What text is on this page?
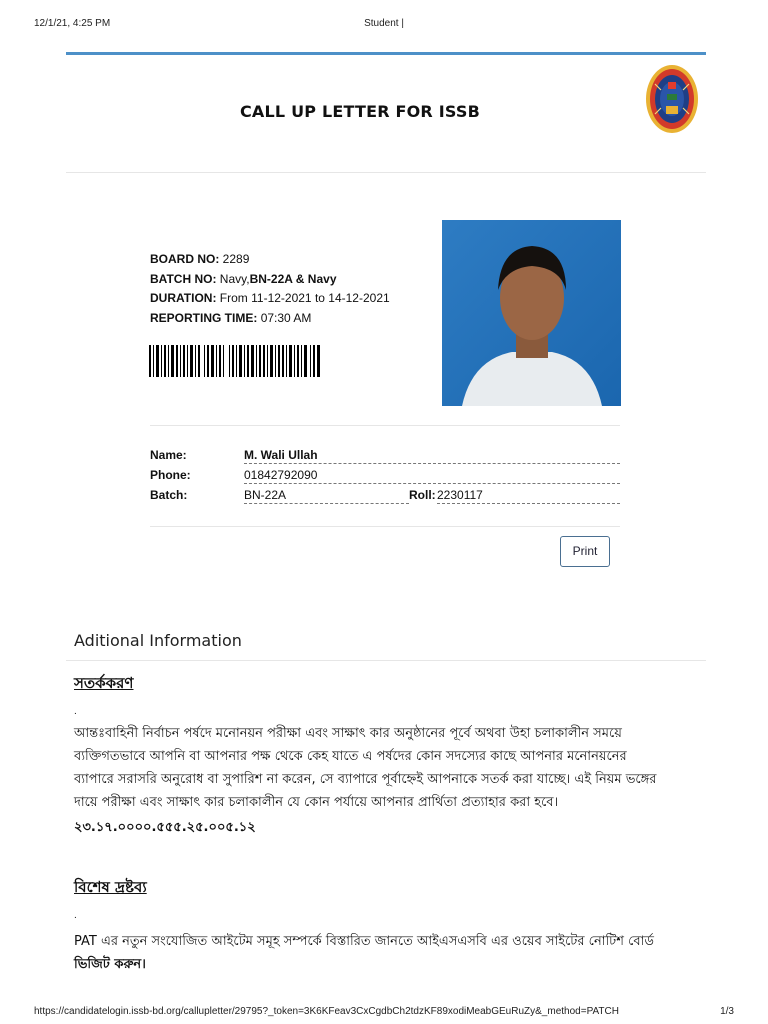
12/1/21, 4:25 PM	Student |
CALL UP LETTER FOR ISSB
BOARD NO: 2289
BATCH NO: Navy,BN-22A & Navy
DURATION: From 11-12-2021 to 14-12-2021
REPORTING TIME: 07:30 AM
Name:	M. Wali Ullah
Phone:	01842792090
Batch:	BN-22A	Roll: 2230117
Print
Aditional Information
সতর্ককরণ
.
আন্তঃবাহিনী নির্বাচন পর্ষদে মনোনয়ন পরীক্ষা এবং সাক্ষাৎ কার অনুষ্ঠানের পূর্বে অথবা উহা চলাকালীন সময়ে
ব্যক্তিগতভাবে আপনি বা আপনার পক্ষ থেকে কেহ যাতে এ পর্ষদের কোন সদস্যের কাছে আপনার মনোনয়নের
ব্যাপারে সরাসরি অনুরোধ বা সুপারিশ না করেন, সে ব্যাপারে পূর্বাহ্নেই আপনাকে সতর্ক করা যাচ্ছে। এই নিয়ম ভঙ্গের
দায়ে পরীক্ষা এবং সাক্ষাৎ কার চলাকালীন যে কোন পর্যায়ে আপনার প্রার্থিতা প্রত্যাহার করা হবে।
২৩.১৭.০০০০.৫৫৫.২৫.০০৫.১২
বিশেষ দ্রষ্টব্য
.
PAT এর নতুন সংযোজিত আইটেম সমূহ সম্পর্কে বিস্তারিত জানতে আইএসএসবি এর ওয়েব সাইটের নোটিশ বোর্ড
ভিজিট করুন।
https://candidatelogin.issb-bd.org/callupletter/29795?_token=3K6KFeav3CxCgdbCh2tdzKF89xodiMeabGEuRuZy&_method=PATCH	1/3
